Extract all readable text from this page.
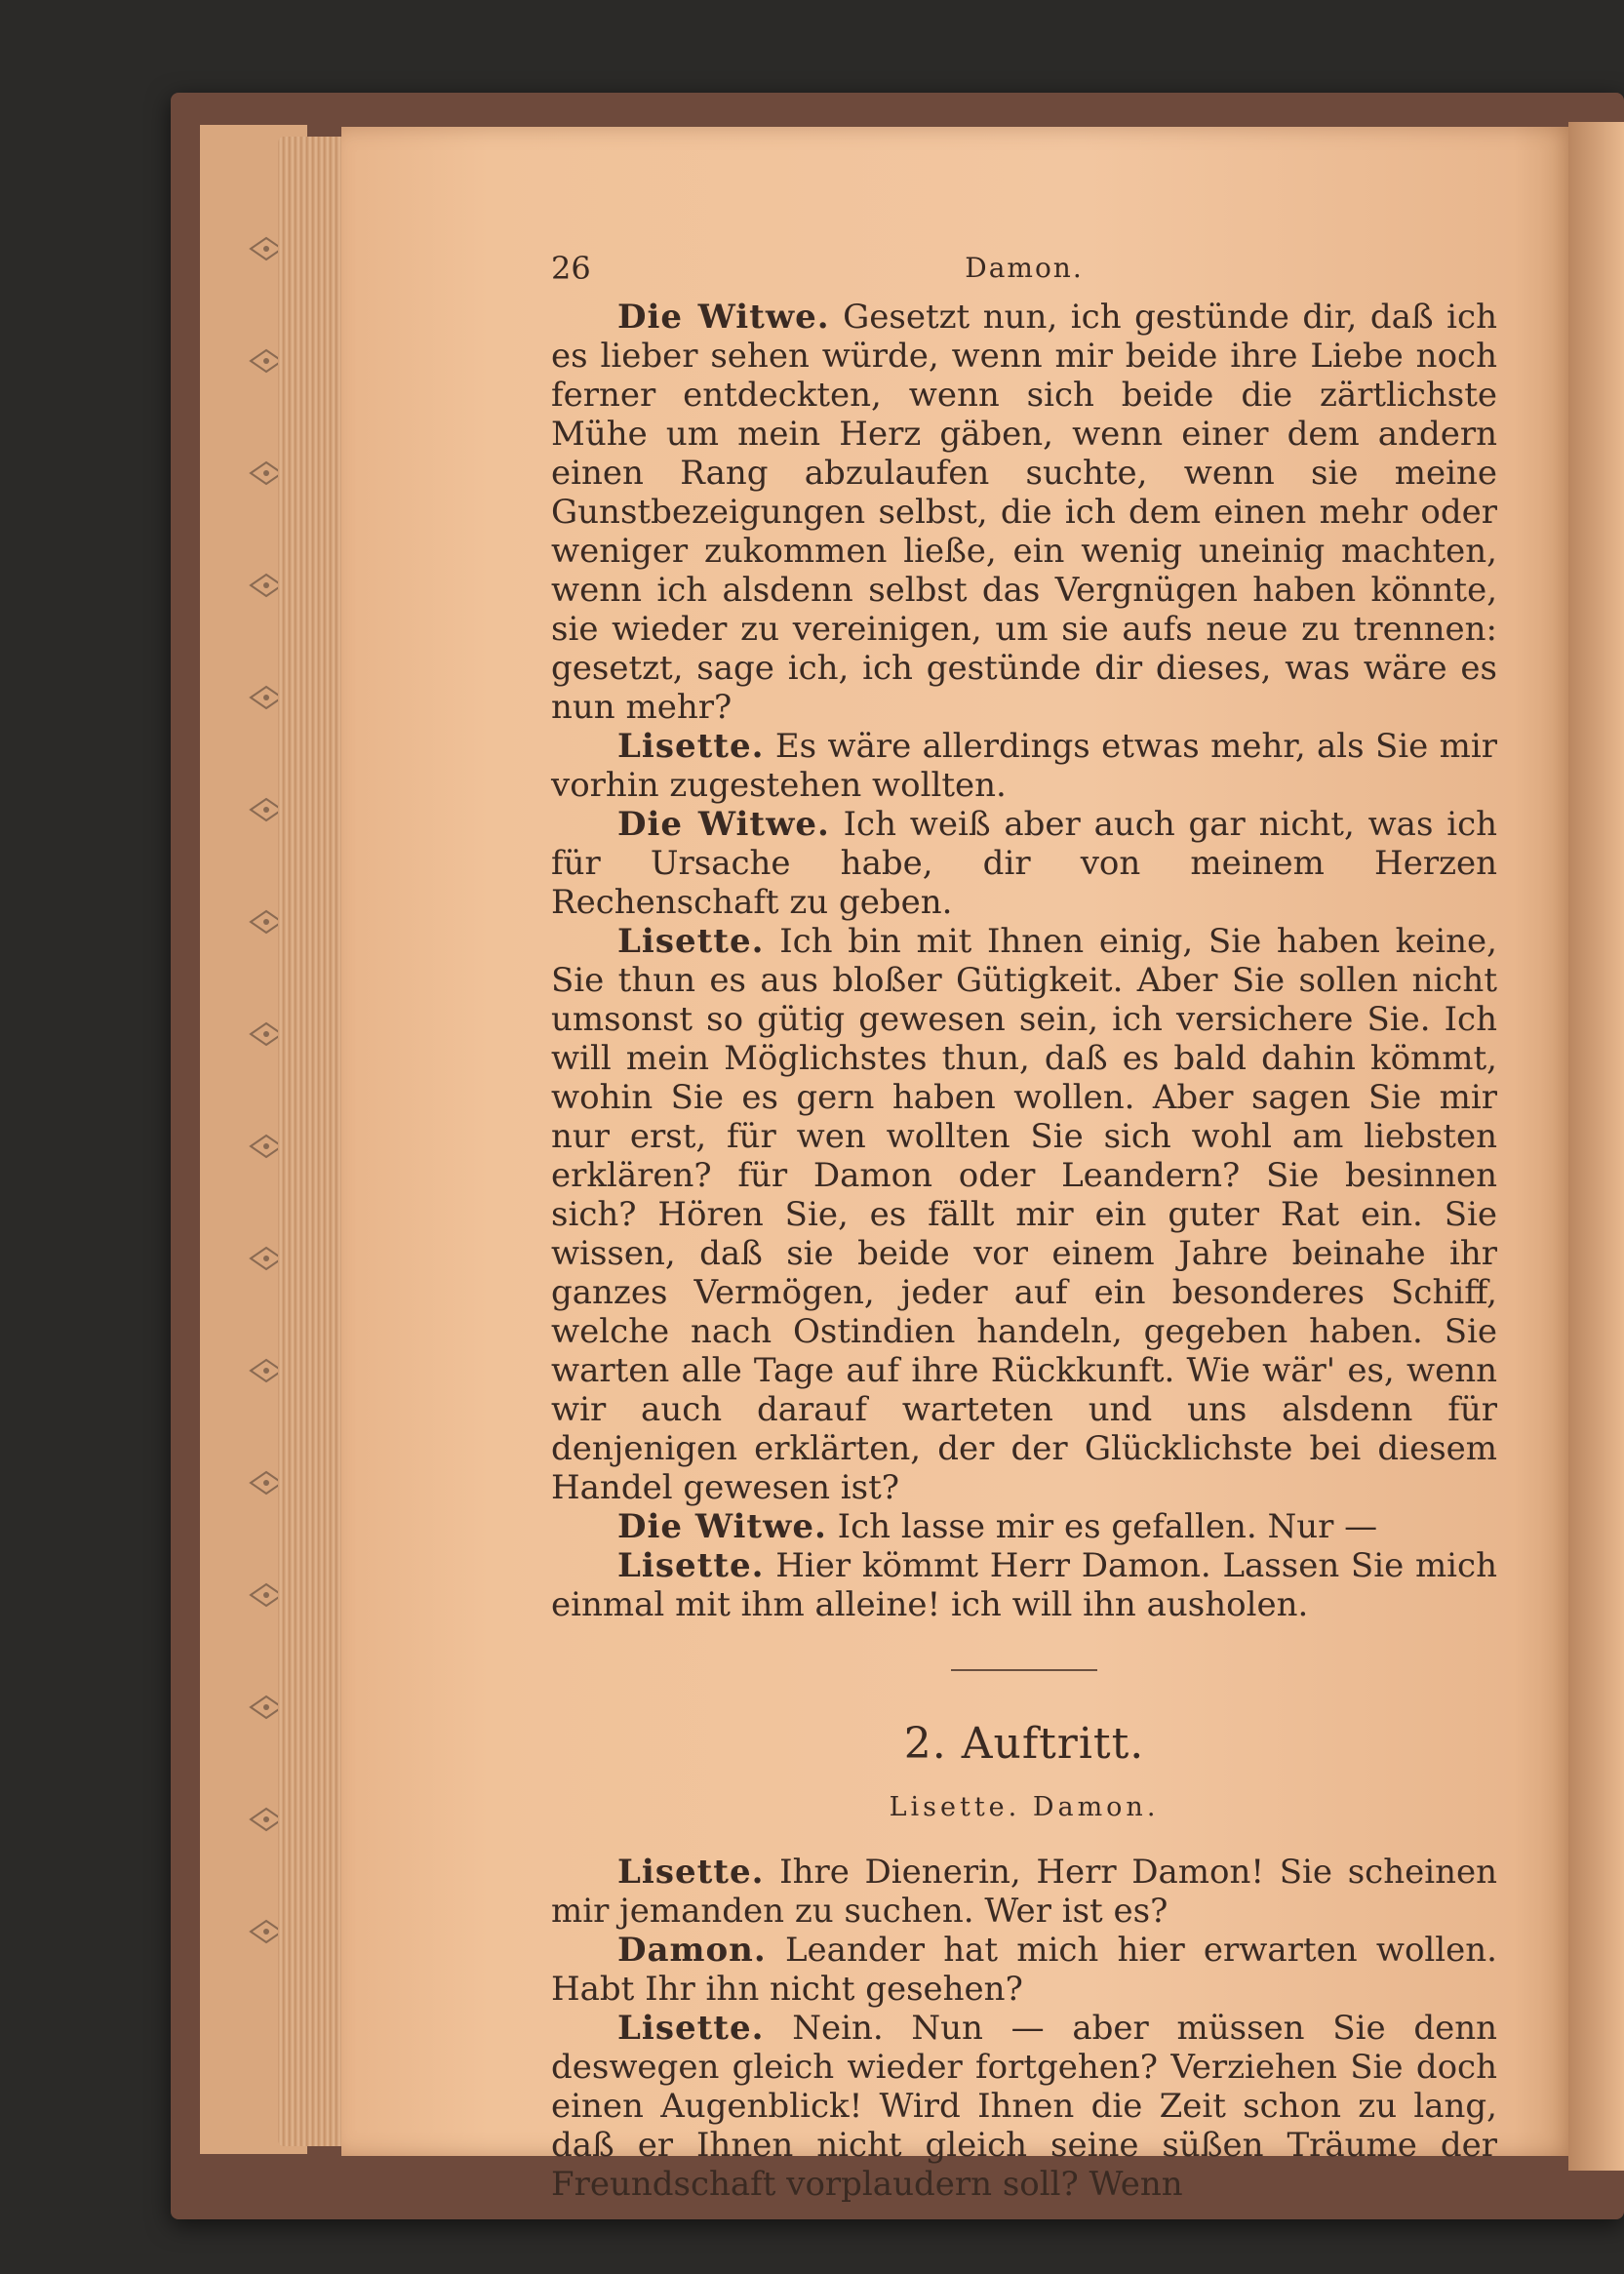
26	Damon.

Die Witwe. Gesetzt nun, ich gestünde dir, daß ich es lieber sehen würde, wenn mir beide ihre Liebe noch ferner entdeckten, wenn sich beide die zärtlichste Mühe um mein Herz gäben, wenn einer dem andern einen Rang abzulaufen suchte, wenn sie meine Gunstbezeigungen selbst, die ich dem einen mehr oder weniger zukommen ließe, ein wenig uneinig machten, wenn ich alsdenn selbst das Vergnügen haben könnte, sie wieder zu vereinigen, um sie aufs neue zu trennen: gesetzt, sage ich, ich gestünde dir dieses, was wäre es nun mehr?

Lisette. Es wäre allerdings etwas mehr, als Sie mir vorhin zugestehen wollten.

Die Witwe. Ich weiß aber auch gar nicht, was ich für Ursache habe, dir von meinem Herzen Rechenschaft zu geben.

Lisette. Ich bin mit Ihnen einig, Sie haben keine, Sie thun es aus bloßer Gütigkeit. Aber Sie sollen nicht umsonst so gütig gewesen sein, ich versichere Sie. Ich will mein Möglichstes thun, daß es bald dahin kömmt, wohin Sie es gern haben wollen. Aber sagen Sie mir nur erst, für wen wollten Sie sich wohl am liebsten erklären? für Damon oder Leandern? Sie besinnen sich? Hören Sie, es fällt mir ein guter Rat ein. Sie wissen, daß sie beide vor einem Jahre beinahe ihr ganzes Vermögen, jeder auf ein besonderes Schiff, welche nach Ostindien handeln, gegeben haben. Sie warten alle Tage auf ihre Rückkunft. Wie wär' es, wenn wir auch darauf warteten und uns alsdenn für denjenigen erklärten, der der Glücklichste bei diesem Handel gewesen ist?

Die Witwe. Ich lasse mir es gefallen. Nur —

Lisette. Hier kömmt Herr Damon. Lassen Sie mich einmal mit ihm alleine! ich will ihn ausholen.

2. Auftritt.
Lisette. Damon.

Lisette. Ihre Dienerin, Herr Damon! Sie scheinen mir jemanden zu suchen. Wer ist es?

Damon. Leander hat mich hier erwarten wollen. Habt Ihr ihn nicht gesehen?

Lisette. Nein. Nun — aber müssen Sie denn deswegen gleich wieder fortgehen? Verziehen Sie doch einen Augenblick! Wird Ihnen die Zeit schon zu lang, daß er Ihnen nicht gleich seine süßen Träume der Freundschaft vorplaudern soll? Wenn
